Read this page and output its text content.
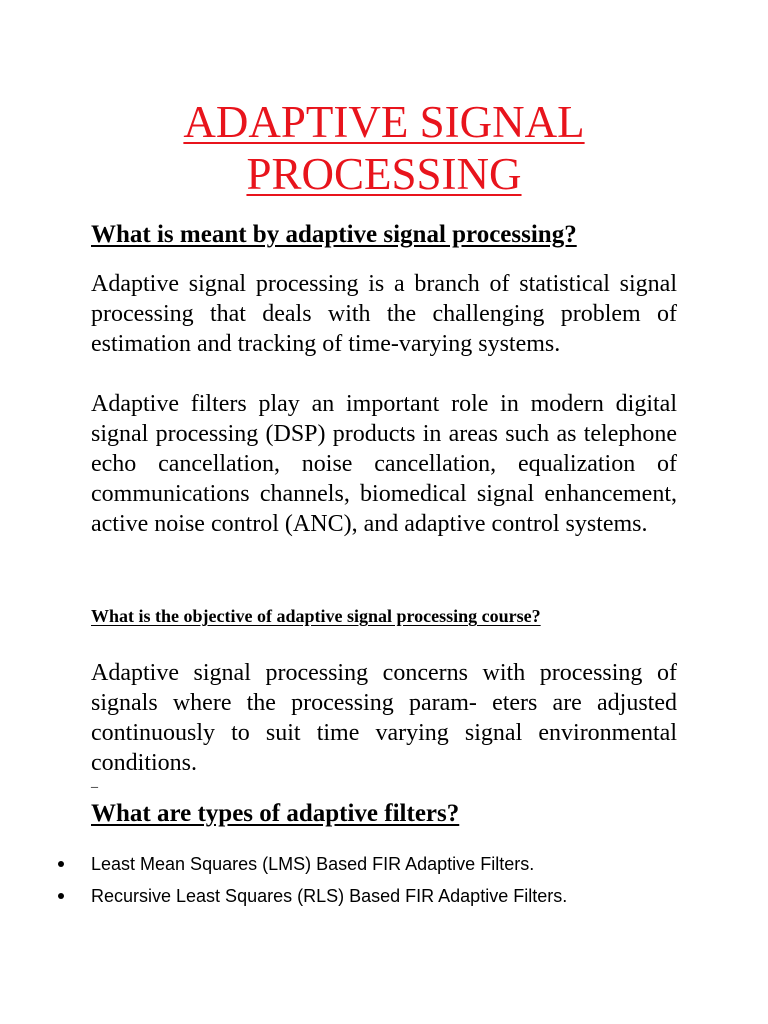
ADAPTIVE SIGNAL
PROCESSING
What is meant by adaptive signal processing?

Adaptive signal processing is a branch of statistical signal processing that deals with the challenging problem of estimation and tracking of time-varying systems.

Adaptive filters play an important role in modern digital signal processing (DSP) products in areas such as telephone echo cancellation, noise cancellation, equalization of communications channels, biomedical signal enhancement, active noise control (ANC), and adaptive control systems.

What is the objective of adaptive signal processing course?

Adaptive signal processing concerns with processing of signals where the processing param- eters are adjusted continuously to suit time varying signal environmental conditions.

_
What are types of adaptive filters?
Least Mean Squares (LMS) Based FIR Adaptive Filters.
Recursive Least Squares (RLS) Based FIR Adaptive Filters.
